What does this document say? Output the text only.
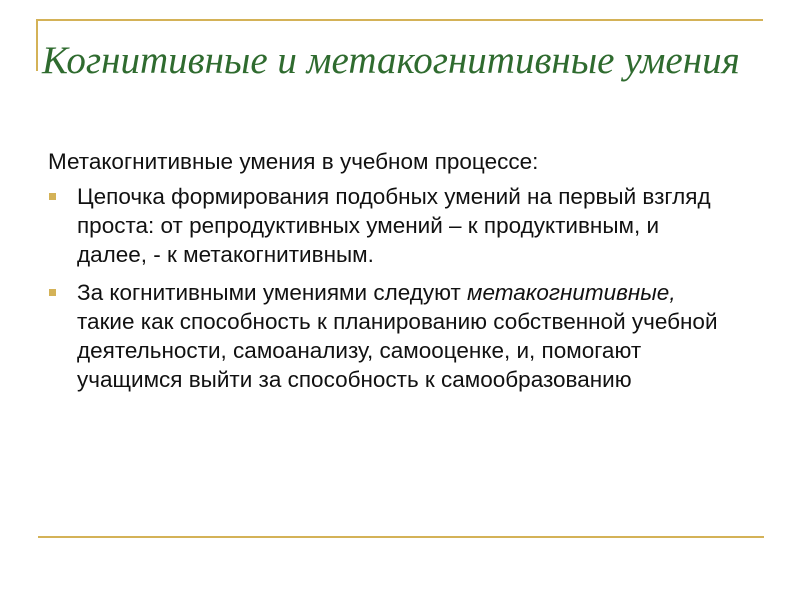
Когнитивные и метакогнитивные умения

Метакогнитивные умения в учебном процессе:

Цепочка формирования подобных умений на первый взгляд проста: от репродуктивных умений – к продуктивным, и далее, - к метакогнитивным.
За когнитивными умениями следуют метакогнитивные, такие как способность к планированию собственной учебной деятельности, самоанализу, самооценке, и, помогают учащимся выйти за способность к самообразованию
